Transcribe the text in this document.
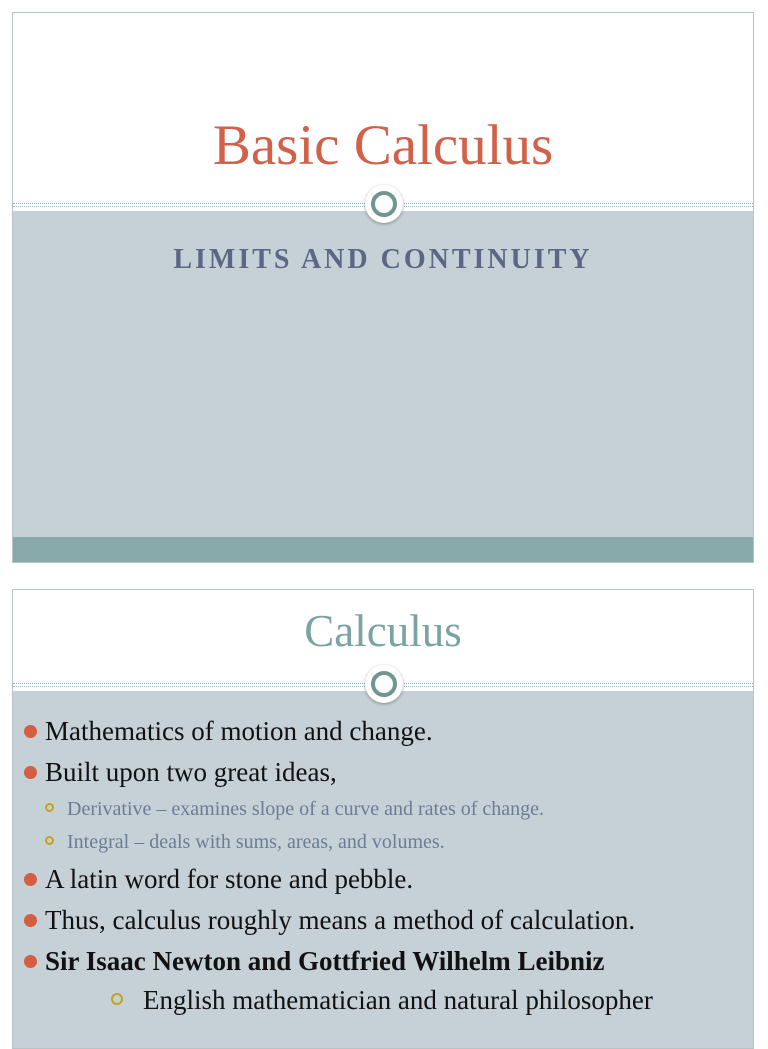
Basic Calculus
LIMITS AND CONTINUITY
Calculus
Mathematics of motion and change.
Built upon two great ideas,
Derivative – examines slope of a curve and rates of change.
Integral – deals with sums, areas, and volumes.
A latin word for stone and pebble.
Thus, calculus roughly means a method of calculation.
Sir Isaac Newton and Gottfried Wilhelm Leibniz
English mathematician and natural philosopher
